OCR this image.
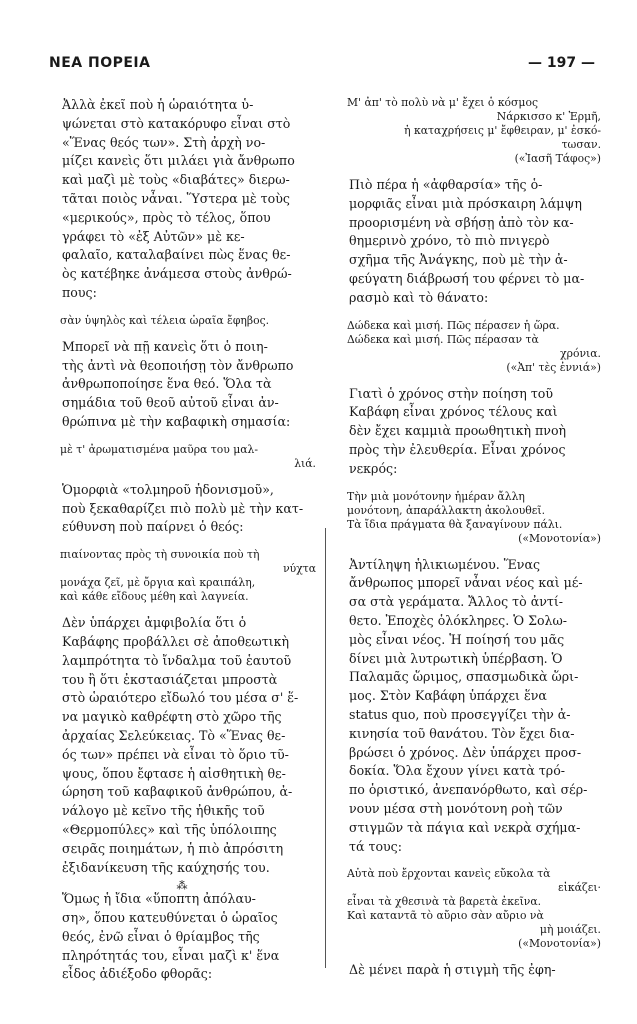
ΝΕΑ ΠΟΡΕΙΑ	— 197 —
Ἀλλὰ ἐκεῖ ποὺ ἡ ὡραιότητα ὑ-
ψώνεται στὸ κατακόρυφο εἶναι στὸ
«Ἕνας θεός των». Στὴ ἀρχὴ νο-
μίζει κανεὶς ὅτι μιλάει γιὰ ἄνθρωπο
καὶ μαζὶ μὲ τοὺς «διαβάτες» διερω-
τᾶται ποιὸς νἆναι. Ὕστερα μὲ τοὺς
«μερικούς», πρὸς τὸ τέλος, ὅπου
γράφει τὸ «ἐξ Αὐτῶν» μὲ κε-
φαλαῖο, καταλαβαίνει πὼς ἕνας θε-
ὸς κατέβηκε ἀνάμεσα στοὺς ἀνθρώ-
πους:
σὰν ὑψηλὸς καὶ τέλεια ὡραῖα ἔφηβος.
Μπορεῖ νὰ πῇ κανεὶς ὅτι ὁ ποιη-
τὴς ἀντὶ νὰ θεοποιήσῃ τὸν ἄνθρωπο
ἀνθρωποποίησε ἕνα θεό. Ὅλα τὰ
σημάδια τοῦ θεοῦ αὐτοῦ εἶναι ἀν-
θρώπινα μὲ τὴν καβαφικὴ σημασία:
μὲ τ' ἀρωματισμένα μαῦρα του μαλ-
λιά.
Ὁμορφιὰ «τολμηροῦ ἡδονισμοῦ»,
ποὺ ξεκαθαρίζει πιὸ πολὺ μὲ τὴν κατ-
εύθυνση ποὺ παίρνει ὁ θεός:
πιαίνοντας πρὸς τὴ συνοικία ποὺ τὴ
νύχτα
μονάχα ζεῖ, μὲ ὄργια καὶ κραιπάλη,
καὶ κάθε εἴδους μέθη καὶ λαγνεία.
Δὲν ὑπάρχει ἀμφιβολία ὅτι ὁ
Καβάφης προβάλλει σὲ ἀποθεωτικὴ
λαμπρότητα τὸ ἴνδαλμα τοῦ ἑαυτοῦ
του ἢ ὅτι ἐκστασιάζεται μπροστὰ
στὸ ὡραιότερο εἴδωλό του μέσα σ' ἕ-
να μαγικὸ καθρέφτη στὸ χῶρο τῆς
ἀρχαίας Σελεύκειας. Τὸ «Ἕνας θε-
ός των» πρέπει νὰ εἶναι τὸ ὅριο τῦ-
ψους, ὅπου ἔφτασε ἡ αἰσθητικὴ θε-
ώρηση τοῦ καβαφικοῦ ἀνθρώπου, ἀ-
νάλογο μὲ κεῖνο τῆς ἠθικῆς τοῦ
«Θερμοπύλες» καὶ τῆς ὑπόλοιπης
σειρᾶς ποιημάτων, ἡ πιὸ ἀπρόσιτη
ἐξιδανίκευση τῆς καύχησής του.
⁂
Ὅμως ἡ ἴδια «ὕποπτη ἀπόλαυ-
ση», ὅπου κατευθύνεται ὁ ὡραῖος
θεός, ἐνῶ εἶναι ὁ θρίαμβος τῆς
πληρότητάς του, εἶναι μαζὶ κ' ἕνα
εἶδος ἀδιέξοδο φθορᾶς:
Μ' ἀπ' τὸ πολὺ νὰ μ' ἔχει ὁ κόσμος
Νάρκισσο κ' Ἑρμῆ,
ἡ καταχρήσεις μ' ἔφθειραν, μ' ἐσκό-
τωσαν.
(«Ἰασῆ Τάφος»)
Πιὸ πέρα ἡ «ἀφθαρσία» τῆς ὁ-
μορφιᾶς εἶναι μιὰ πρόσκαιρη λάμψη
προορισμένη νὰ σβήσῃ ἀπὸ τὸν κα-
θημερινὸ χρόνο, τὸ πιὸ πνιγερὸ
σχῆμα τῆς Ἀνάγκης, ποὺ μὲ τὴν ἀ-
φεύγατη διάβρωσή του φέρνει τὸ μα-
ρασμὸ καὶ τὸ θάνατο:
Δώδεκα καὶ μισή. Πῶς πέρασεν ἡ ὥρα.
Δώδεκα καὶ μισή. Πῶς πέρασαν τὰ
χρόνια.
(«Ἀπ' τὲς ἐννιά»)
Γιατὶ ὁ χρόνος στὴν ποίηση τοῦ
Καβάφη εἶναι χρόνος τέλους καὶ
δὲν ἔχει καμμιὰ προωθητικὴ πνοὴ
πρὸς τὴν ἐλευθερία. Εἶναι χρόνος
νεκρός:
Τὴν μιὰ μονότονην ἡμέραν ἄλλη
μονότονη, ἀπαράλλακτη ἀκολουθεῖ.
Τὰ ἴδια πράγματα θὰ ξαναγίνουν πάλι.
(«Μονοτονία»)
Ἀντίληψη ἡλικιωμένου. Ἕνας
ἄνθρωπος μπορεῖ νἆναι νέος καὶ μέ-
σα στὰ γεράματα. Ἄλλος τὸ ἀντί-
θετο. Ἐποχὲς ὁλόκληρες. Ὁ Σολω-
μὸς εἶναι νέος. Ἡ ποίησή του μᾶς
δίνει μιὰ λυτρωτικὴ ὑπέρβαση. Ὁ
Παλαμᾶς ὥριμος, σπασμωδικὰ ὥρι-
μος. Στὸν Καβάφη ὑπάρχει ἕνα
status quo, ποὺ προσεγγίζει τὴν ἀ-
κινησία τοῦ θανάτου. Τὸν ἔχει δια-
βρώσει ὁ χρόνος. Δὲν ὑπάρχει προσ-
δοκία. Ὅλα ἔχουν γίνει κατὰ τρό-
πο ὁριστικό, ἀνεπανόρθωτο, καὶ σέρ-
νουν μέσα στὴ μονότονη ροὴ τῶν
στιγμῶν τὰ πάγια καὶ νεκρὰ σχήμα-
τά τους:
Αὐτὰ ποὺ ἔρχονται κανεὶς εὔκολα τὰ
εἰκάζει·
εἶναι τὰ χθεσινὰ τὰ βαρετὰ ἐκεῖνα.
Καὶ καταντᾶ τὸ αὔριο σὰν αὔριο νὰ
μὴ μοιάζει.
(«Μονοτονία»)
Δὲ μένει παρὰ ἡ στιγμὴ τῆς ἐφη-
